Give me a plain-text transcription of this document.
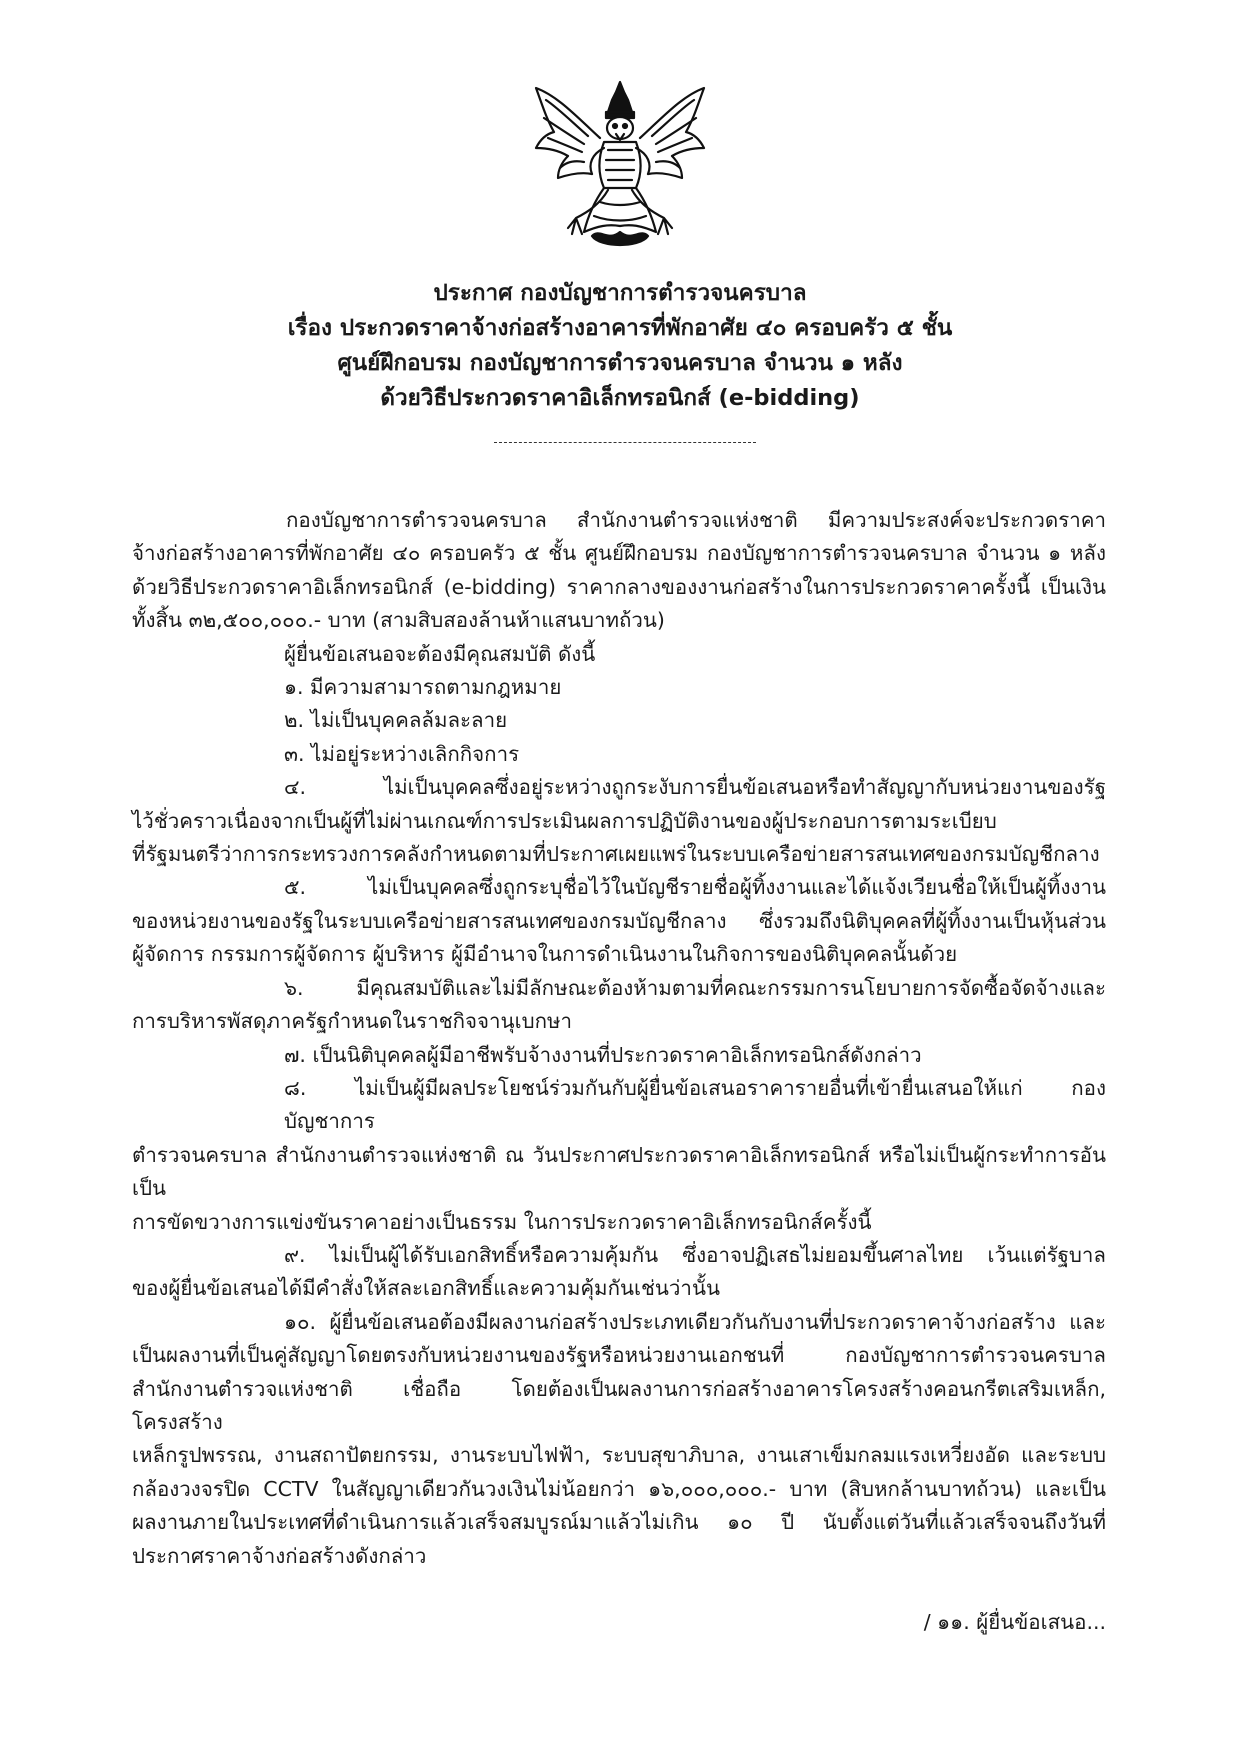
ประกาศ กองบัญชาการตำรวจนครบาล
เรื่อง ประกวดราคาจ้างก่อสร้างอาคารที่พักอาศัย ๔๐ ครอบครัว ๕ ชั้น
ศูนย์ฝึกอบรม กองบัญชาการตำรวจนครบาล จำนวน ๑ หลัง
ด้วยวิธีประกวดราคาอิเล็กทรอนิกส์ (e-bidding)
กองบัญชาการตำรวจนครบาล สำนักงานตำรวจแห่งชาติ มีความประสงค์จะประกวดราคา
จ้างก่อสร้างอาคารที่พักอาศัย ๔๐ ครอบครัว ๕ ชั้น ศูนย์ฝึกอบรม กองบัญชาการตำรวจนครบาล จำนวน ๑ หลัง
ด้วยวิธีประกวดราคาอิเล็กทรอนิกส์ (e-bidding) ราคากลางของงานก่อสร้างในการประกวดราคาครั้งนี้ เป็นเงิน
ทั้งสิ้น ๓๒,๕๐๐,๐๐๐.- บาท (สามสิบสองล้านห้าแสนบาทถ้วน)
ผู้ยื่นข้อเสนอจะต้องมีคุณสมบัติ ดังนี้
๑. มีความสามารถตามกฎหมาย
๒. ไม่เป็นบุคคลล้มละลาย
๓. ไม่อยู่ระหว่างเลิกกิจการ
๔. ไม่เป็นบุคคลซึ่งอยู่ระหว่างถูกระงับการยื่นข้อเสนอหรือทำสัญญากับหน่วยงานของรัฐ
ไว้ชั่วคราวเนื่องจากเป็นผู้ที่ไม่ผ่านเกณฑ์การประเมินผลการปฏิบัติงานของผู้ประกอบการตามระเบียบ
ที่รัฐมนตรีว่าการกระทรวงการคลังกำหนดตามที่ประกาศเผยแพร่ในระบบเครือข่ายสารสนเทศของกรมบัญชีกลาง
๕. ไม่เป็นบุคคลซึ่งถูกระบุชื่อไว้ในบัญชีรายชื่อผู้ทิ้งงานและได้แจ้งเวียนชื่อให้เป็นผู้ทิ้งงาน
ของหน่วยงานของรัฐในระบบเครือข่ายสารสนเทศของกรมบัญชีกลาง ซึ่งรวมถึงนิติบุคคลที่ผู้ทิ้งงานเป็นหุ้นส่วน
ผู้จัดการ กรรมการผู้จัดการ ผู้บริหาร ผู้มีอำนาจในการดำเนินงานในกิจการของนิติบุคคลนั้นด้วย
๖. มีคุณสมบัติและไม่มีลักษณะต้องห้ามตามที่คณะกรรมการนโยบายการจัดซื้อจัดจ้างและ
การบริหารพัสดุภาครัฐกำหนดในราชกิจจานุเบกษา
๗. เป็นนิติบุคคลผู้มีอาชีพรับจ้างงานที่ประกวดราคาอิเล็กทรอนิกส์ดังกล่าว
๘. ไม่เป็นผู้มีผลประโยชน์ร่วมกันกับผู้ยื่นข้อเสนอราคารายอื่นที่เข้ายื่นเสนอให้แก่ กองบัญชาการ
ตำรวจนครบาล สำนักงานตำรวจแห่งชาติ ณ วันประกาศประกวดราคาอิเล็กทรอนิกส์ หรือไม่เป็นผู้กระทำการอันเป็น
การขัดขวางการแข่งขันราคาอย่างเป็นธรรม ในการประกวดราคาอิเล็กทรอนิกส์ครั้งนี้
๙. ไม่เป็นผู้ได้รับเอกสิทธิ์หรือความคุ้มกัน ซึ่งอาจปฏิเสธไม่ยอมขึ้นศาลไทย เว้นแต่รัฐบาล
ของผู้ยื่นข้อเสนอได้มีคำสั่งให้สละเอกสิทธิ์และความคุ้มกันเช่นว่านั้น
๑๐. ผู้ยื่นข้อเสนอต้องมีผลงานก่อสร้างประเภทเดียวกันกับงานที่ประกวดราคาจ้างก่อสร้าง และ
เป็นผลงานที่เป็นคู่สัญญาโดยตรงกับหน่วยงานของรัฐหรือหน่วยงานเอกชนที่ กองบัญชาการตำรวจนครบาล
สำนักงานตำรวจแห่งชาติ เชื่อถือ โดยต้องเป็นผลงานการก่อสร้างอาคารโครงสร้างคอนกรีตเสริมเหล็ก, โครงสร้าง
เหล็กรูปพรรณ, งานสถาปัตยกรรม, งานระบบไฟฟ้า, ระบบสุขาภิบาล, งานเสาเข็มกลมแรงเหวี่ยงอัด และระบบ
กล้องวงจรปิด CCTV ในสัญญาเดียวกันวงเงินไม่น้อยกว่า ๑๖,๐๐๐,๐๐๐.- บาท (สิบหกล้านบาทถ้วน) และเป็น
ผลงานภายในประเทศที่ดำเนินการแล้วเสร็จสมบูรณ์มาแล้วไม่เกิน ๑๐ ปี นับตั้งแต่วันที่แล้วเสร็จจนถึงวันที่
ประกาศราคาจ้างก่อสร้างดังกล่าว
/ ๑๑. ผู้ยื่นข้อเสนอ...
